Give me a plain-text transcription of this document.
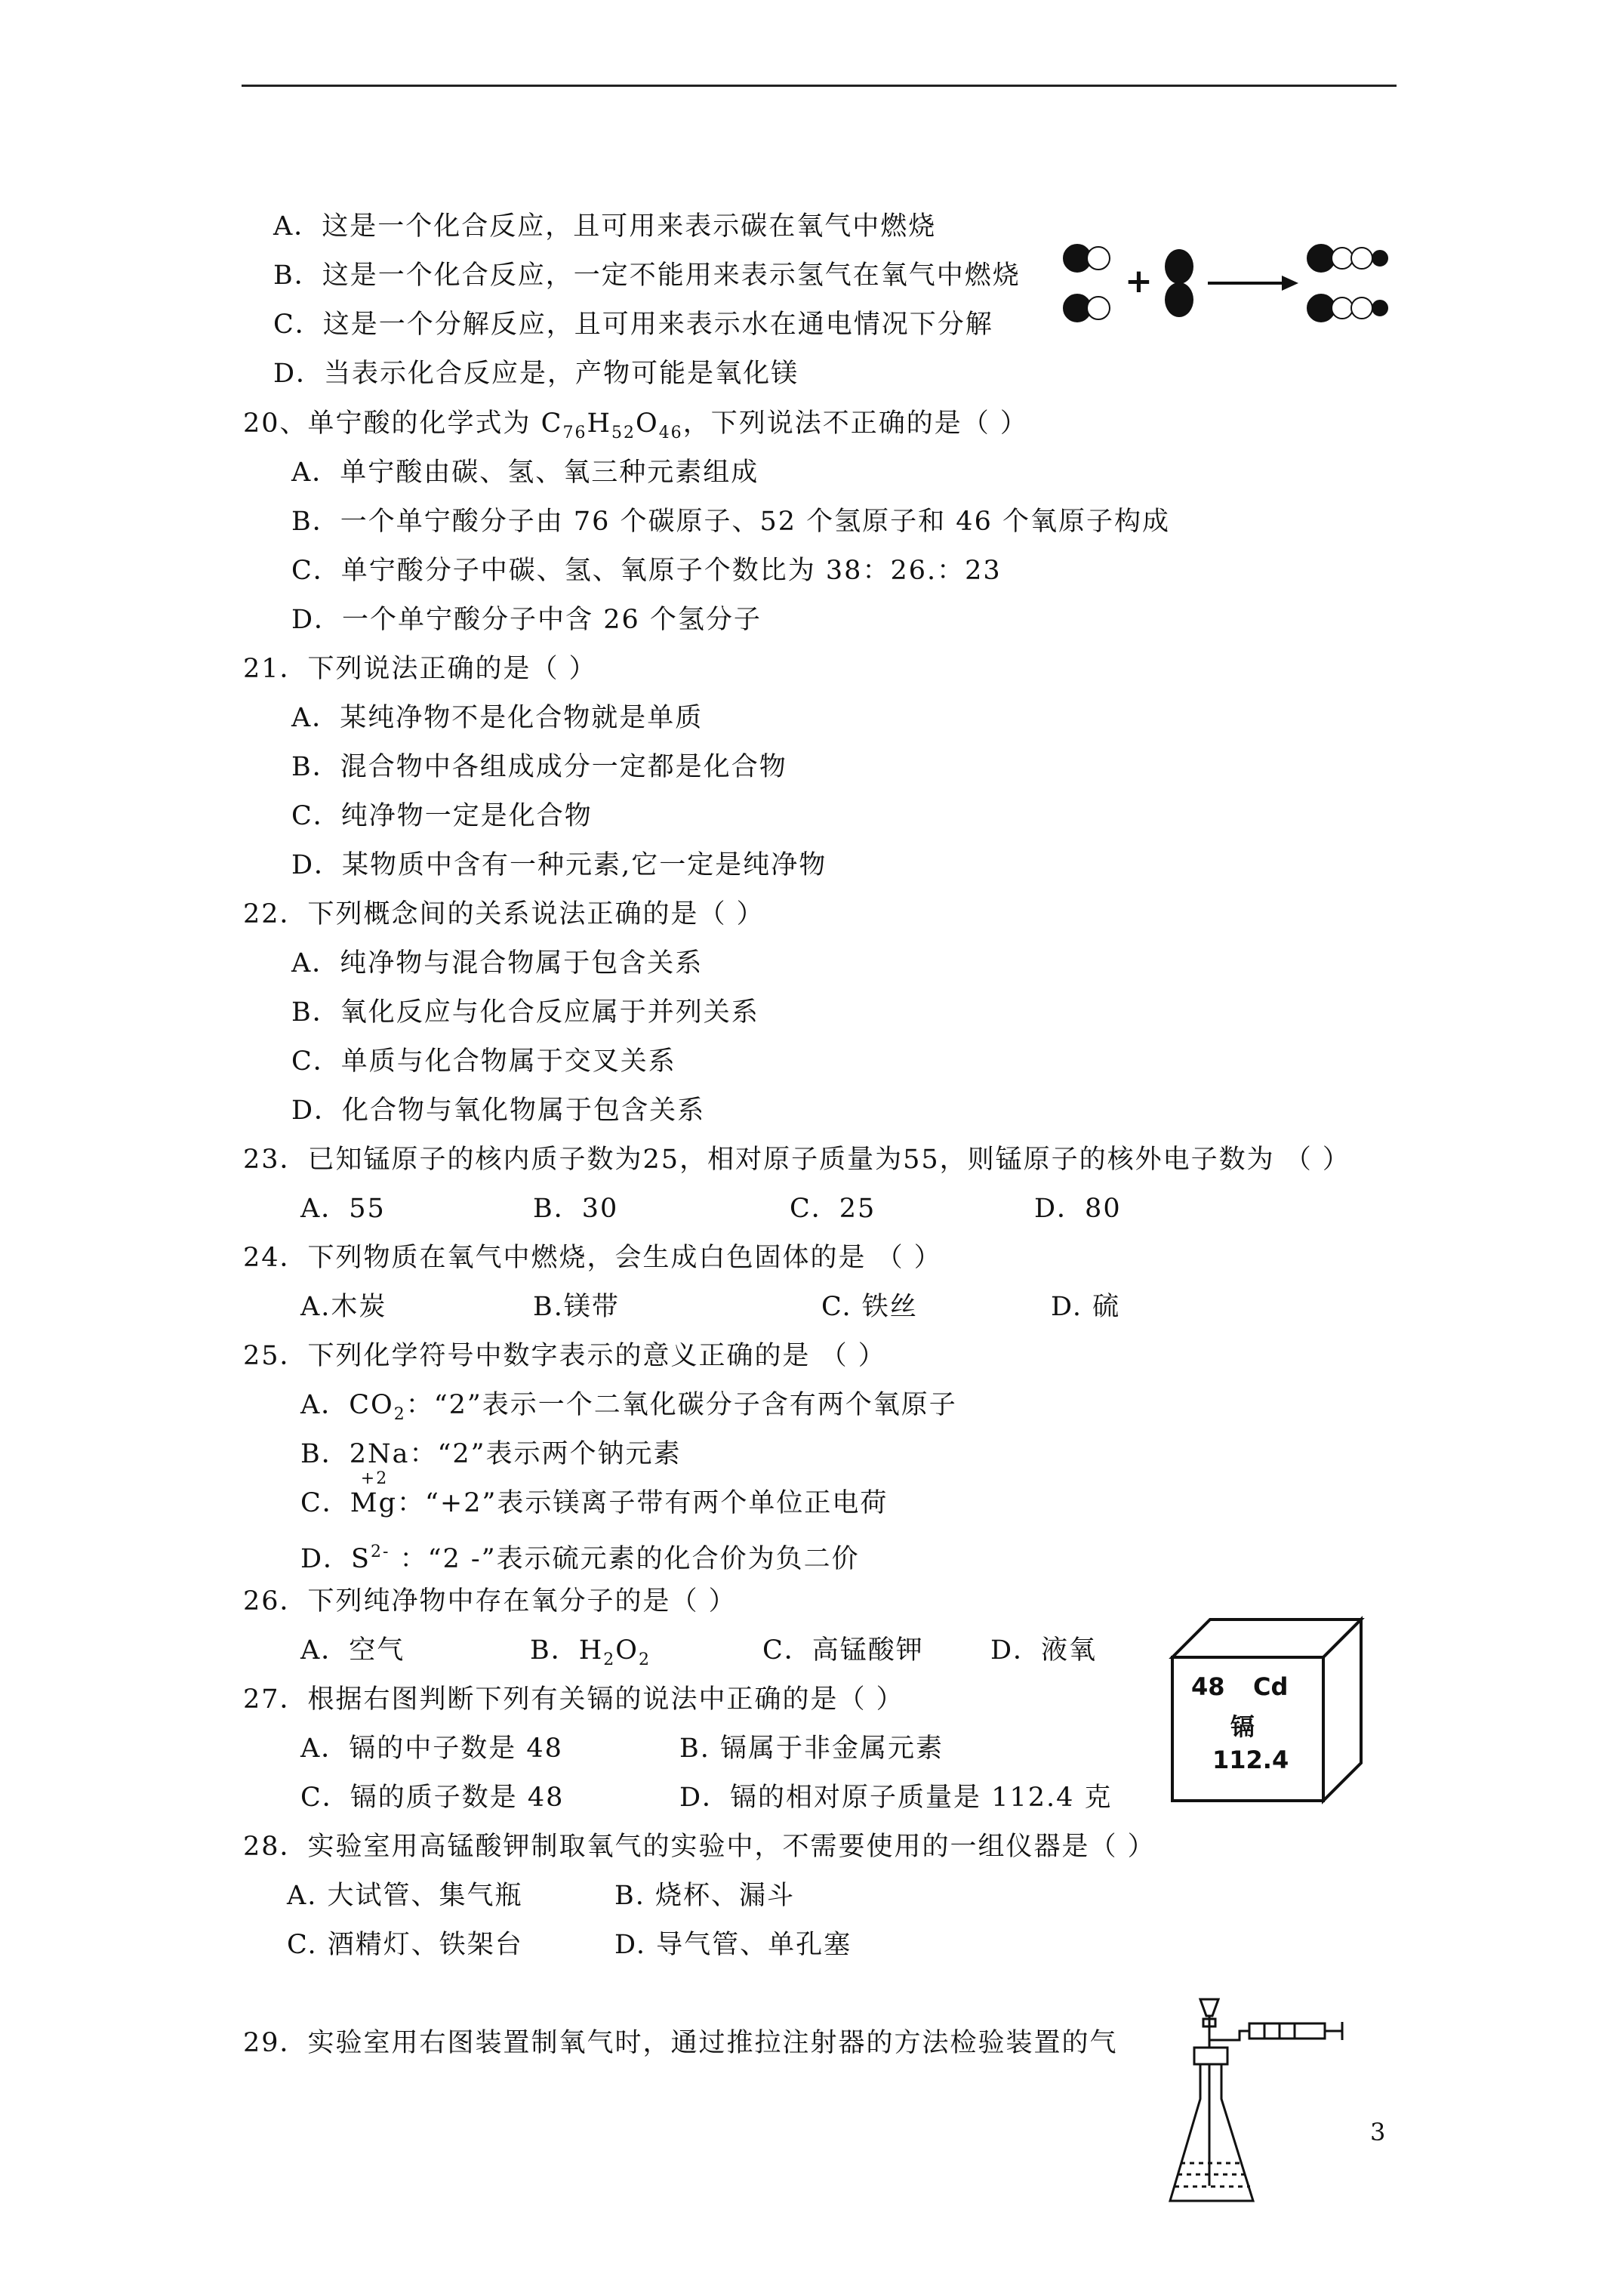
A．这是一个化合反应，且可用来表示碳在氧气中燃烧
B．这是一个化合反应，一定不能用来表示氢气在氧气中燃烧
C．这是一个分解反应，且可用来表示水在通电情况下分解
D．当表示化合反应是，产物可能是氧化镁
+
20、单宁酸的化学式为 $C_{76}H_{52}O_{46}$，下列说法不正确的是（ ）
A．单宁酸由碳、氢、氧三种元素组成
B．一个单宁酸分子由 76 个碳原子、52 个氢原子和 46 个氧原子构成
C．单宁酸分子中碳、氢、氧原子个数比为 38：26.：23
D．一个单宁酸分子中含 26 个氢分子
21．下列说法正确的是（ ）
A．某纯净物不是化合物就是单质
B．混合物中各组成成分一定都是化合物
C．纯净物一定是化合物
D．某物质中含有一种元素,它一定是纯净物
22．下列概念间的关系说法正确的是（ ）
A．纯净物与混合物属于包含关系
B．氧化反应与化合反应属于并列关系
C．单质与化合物属于交叉关系
D．化合物与氧化物属于包含关系
23．已知锰原子的核内质子数为25，相对原子质量为55，则锰原子的核外电子数为 （ ）
A．55	B．30	C．25	D．80
24．下列物质在氧气中燃烧，会生成白色固体的是 （ ）
A.木炭	B.镁带	C. 铁丝	D. 硫
25．下列化学符号中数字表示的意义正确的是 （ ）
A．$CO_2$：“2”表示一个二氧化碳分子含有两个氧原子
B．2Na：“2”表示两个钠元素
C．
+2
Mg：“+2”表示镁离子带有两个单位正电荷
D．$S^{2-}$ ：“2 -”表示硫元素的化合价为负二价
26．下列纯净物中存在氧分子的是（ ）
A．空气	B．$H_2O_2$	C．高锰酸钾	D．液氧
48 Cd
镉
112.4
27．根据右图判断下列有关镉的说法中正确的是（ ）
A．镉的中子数是 48	B. 镉属于非金属元素
C．镉的质子数是 48	D．镉的相对原子质量是 112.4 克
28．实验室用高锰酸钾制取氧气的实验中，不需要使用的一组仪器是（ ）
A. 大试管、集气瓶	B. 烧杯、漏斗
C. 酒精灯、铁架台	D. 导气管、单孔塞
29．实验室用右图装置制氧气时，通过推拉注射器的方法检验装置的气
3
